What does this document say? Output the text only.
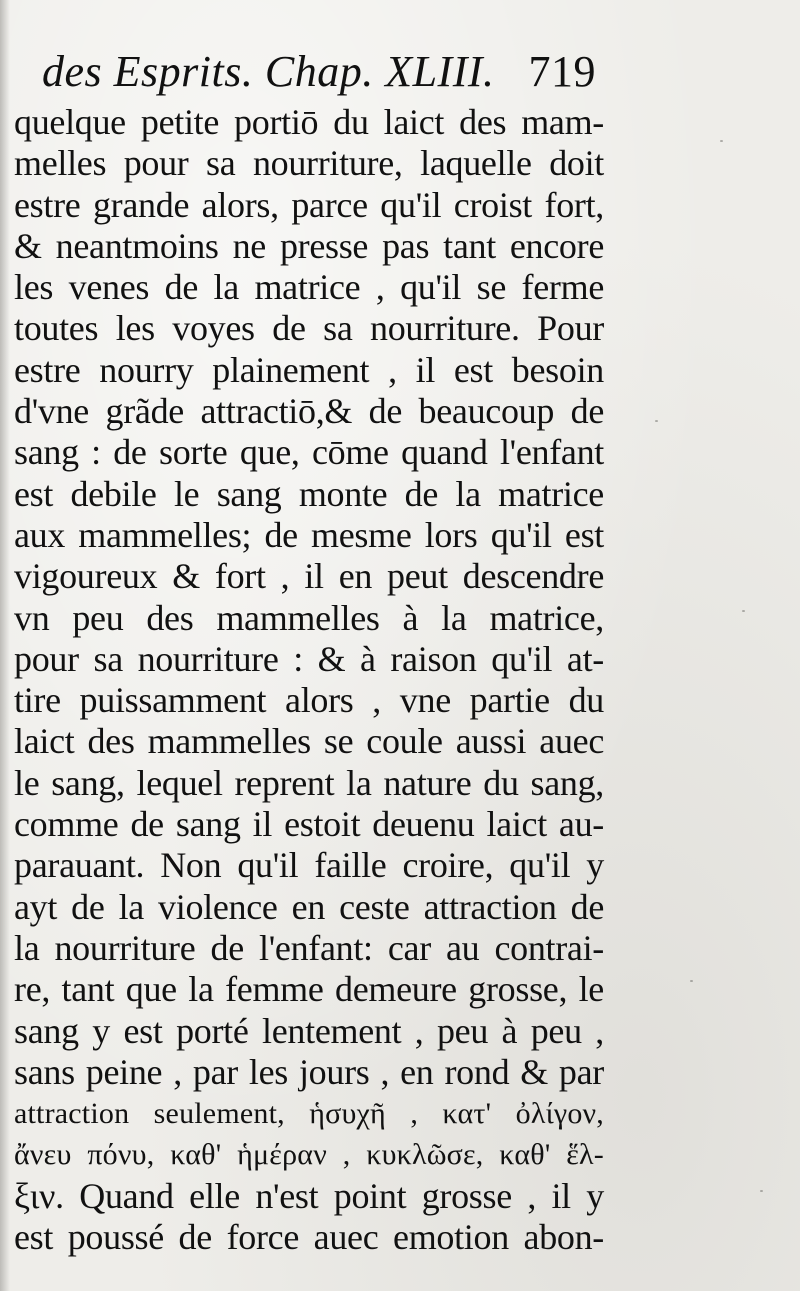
des Esprits. Chap. XLIII. 719
quelque petite portiō du laict des mam-
melles pour sa nourriture, laquelle doit
estre grande alors, parce qu'il croist fort,
& neantmoins ne presse pas tant encore
les venes de la matrice , qu'il se ferme
toutes les voyes de sa nourriture. Pour
estre nourry plainement , il est besoin
d'vne grãde attractiō,& de beaucoup de
sang : de sorte que, cōme quand l'enfant
est debile le sang monte de la matrice
aux mammelles; de mesme lors qu'il est
vigoureux & fort , il en peut descendre
vn peu des mammelles à la matrice,
pour sa nourriture : & à raison qu'il at-
tire puissamment alors , vne partie du
laict des mammelles se coule aussi auec
le sang, lequel reprent la nature du sang,
comme de sang il estoit deuenu laict au-
parauant. Non qu'il faille croire, qu'il y
ayt de la violence en ceste attraction de
la nourriture de l'enfant: car au contrai-
re, tant que la femme demeure grosse, le
sang y est porté lentement , peu à peu ,
sans peine , par les jours , en rond & par
attraction seulement, ἡσυχῆ , κατ' ὀλίγον,
ἄνευ πόνυ, καθ' ἡμέραν , κυκλῶσε, καθ' ἕλ-
ξιν. Quand elle n'est point grosse , il y
est poussé de force auec emotion abon-
